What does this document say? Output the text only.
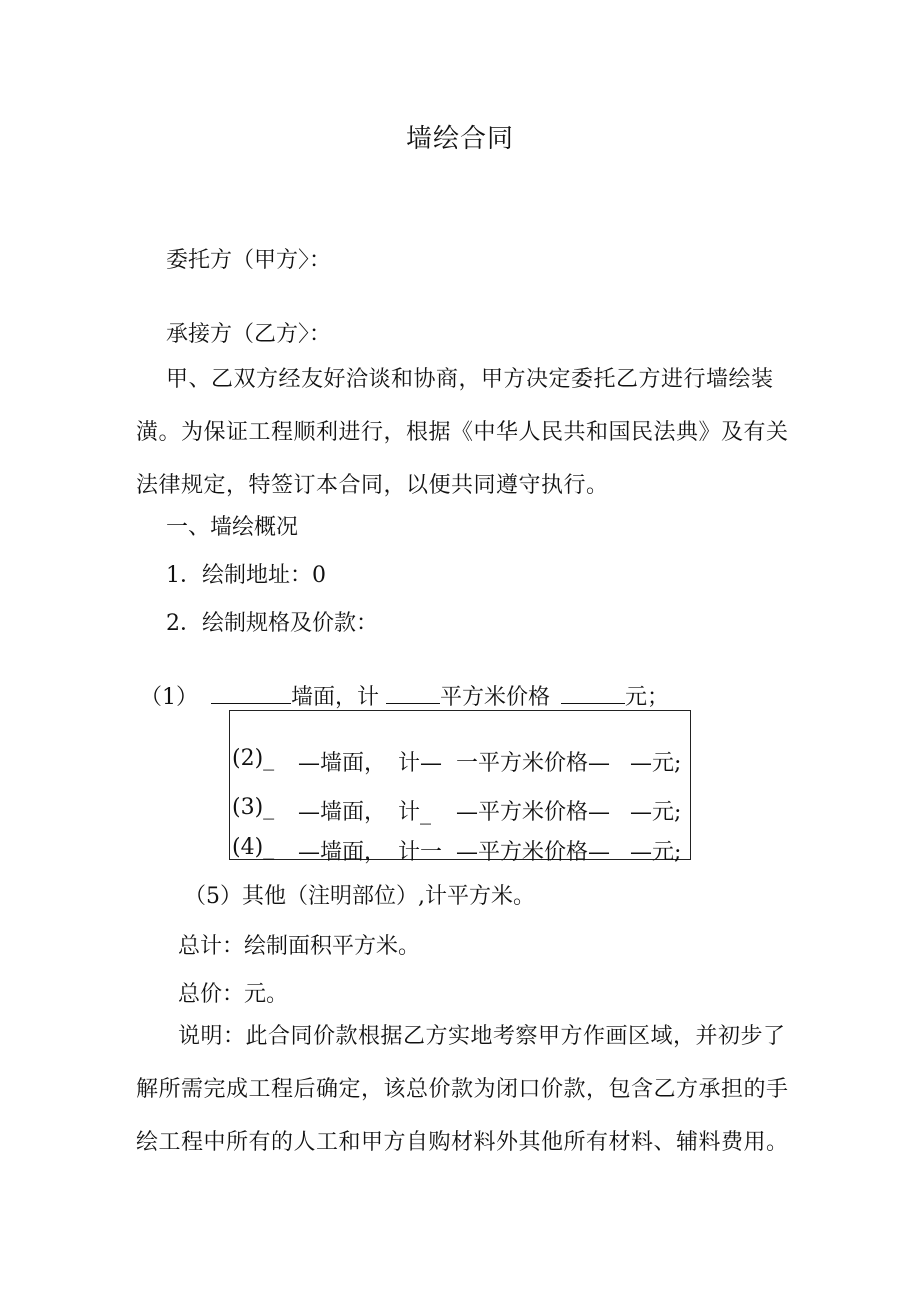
墙绘合同
委托方（甲方〉：
承接方（乙方〉：
甲、乙双方经友好洽谈和协商，甲方决定委托乙方进行墙绘装潢。为保证工程顺利进行，根据《中华人民共和国民法典》及有关法律规定，特签订本合同，以便共同遵守执行。
一、墙绘概况
1．绘制地址：0
2．绘制规格及价款：
（1）	墙面，计	平方米价格	元；
(2)_ —墙面， 计— 一平方米价格— —元;
(3)_ —墙面， 计_ —平方米价格— —元;
(4)_ —墙面， 计一 —平方米价格— —元;
（5）其他（注明部位）,计平方米。
总计：绘制面积平方米。
总价：元。
说明：此合同价款根据乙方实地考察甲方作画区域，并初步了解所需完成工程后确定，该总价款为闭口价款，包含乙方承担的手绘工程中所有的人工和甲方自购材料外其他所有材料、辅料费用。
